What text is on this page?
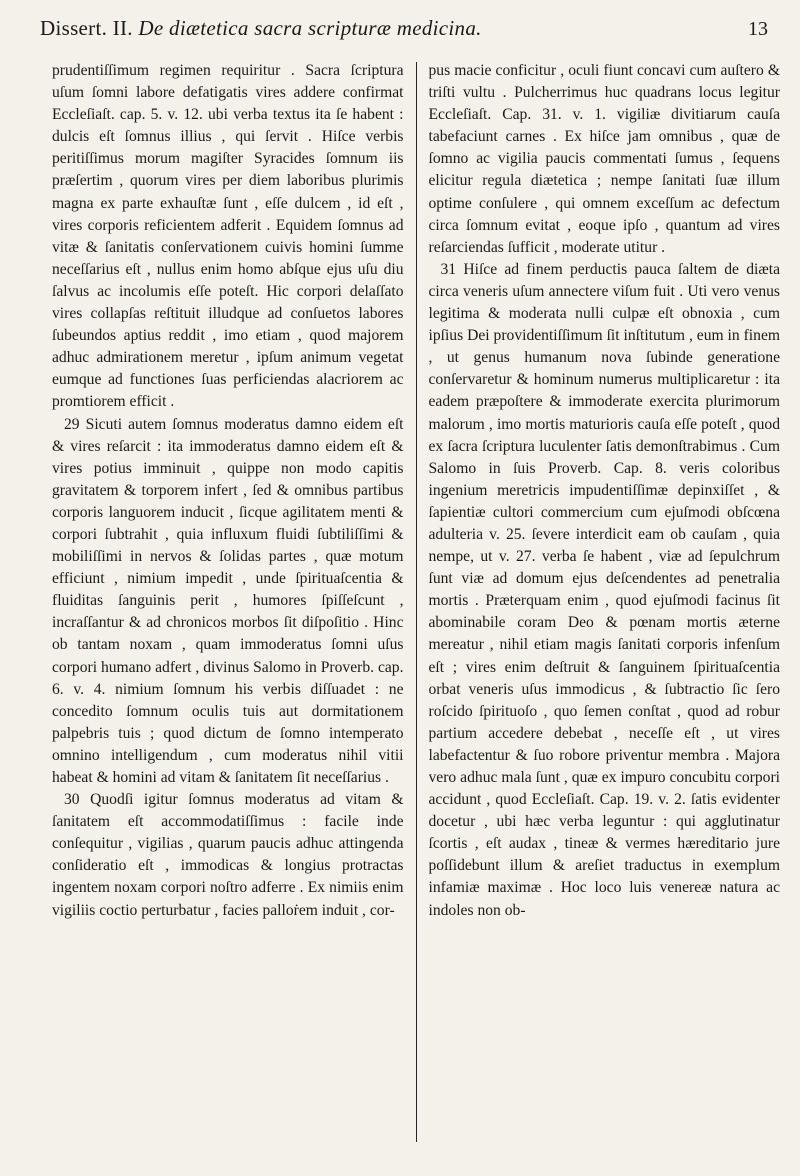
Dissert. II. De diætetica sacra scripturæ medicina.	13

prudentiſſimum regimen requiritur . Sacra ſcriptura uſum ſomni labore defatigatis vires addere confirmat Eccleſiaſt. cap. 5. v. 12. ubi verba textus ita ſe habent : dulcis eſt ſomnus illius , qui ſervit . Hiſce verbis peritiſſimus morum magiſter Syracides ſomnum iis præſertim , quorum vires per diem laboribus plurimis magna ex parte exhauſtæ ſunt , eſſe dulcem , id eſt , vires corporis reficientem adferit . Equidem ſomnus ad vitæ & ſanitatis conſervationem cuivis homini ſumme neceſſarius eſt , nullus enim homo abſque ejus uſu diu ſalvus ac incolumis eſſe poteſt. Hic corpori delaſſato vires collapſas reſtituit illudque ad conſuetos labores ſubeundos aptius reddit , imo etiam , quod majorem adhuc admirationem meretur , ipſum animum vegetat eumque ad functiones ſuas perficiendas alacriorem ac promtiorem efficit .

29 Sicuti autem ſomnus moderatus damno eidem eſt & vires reſarcit : ita immoderatus damno eidem eſt & vires potius imminuit , quippe non modo capitis gravitatem & torporem infert , ſed & omnibus partibus corporis languorem inducit , ſicque agilitatem menti & corpori ſubtrahit , quia influxum fluidi ſubtiliſſimi & mobiliſſimi in nervos & ſolidas partes , quæ motum efficiunt , nimium impedit , unde ſpirituaſcentia & fluiditas ſanguinis perit , humores ſpiſſeſcunt , incraſſantur & ad chronicos morbos ſit diſpoſitio . Hinc ob tantam noxam , quam immoderatus ſomni uſus corpori humano adfert , divinus Salomo in Proverb. cap. 6. v. 4. nimium ſomnum his verbis diſſuadet : ne concedito ſomnum oculis tuis aut dormitationem palpebris tuis ; quod dictum de ſomno intemperato omnino intelligendum , cum moderatus nihil vitii habeat & homini ad vitam & ſanitatem ſit neceſſarius .

30 Quodſi igitur ſomnus moderatus ad vitam & ſanitatem eſt accommodatiſſimus : facile inde conſequitur , vigilias , quarum paucis adhuc attingenda conſideratio eſt , immodicas & longius protractas ingentem noxam corpori noſtro adferre . Ex nimiis enim vigiliis coctio perturbatur , facies palloṙem induit , cor-

pus macie conficitur , oculi fiunt concavi cum auſtero & triſti vultu . Pulcherrimus huc quadrans locus legitur Eccleſiaſt. Cap. 31. v. 1. vigiliæ divitiarum cauſa tabefaciunt carnes . Ex hiſce jam omnibus , quæ de ſomno ac vigilia paucis commentati ſumus , ſequens elicitur regula diætetica ; nempe ſanitati ſuæ illum optime conſulere , qui omnem exceſſum ac defectum circa ſomnum evitat , eoque ipſo , quantum ad vires reſarciendas ſufficit , moderate utitur .

31 Hiſce ad finem perductis pauca ſaltem de diæta circa veneris uſum annectere viſum fuit . Uti vero venus legitima & moderata nulli culpæ eſt obnoxia , cum ipſius Dei providentiſſimum ſit inſtitutum , eum in finem , ut genus humanum nova ſubinde generatione conſervaretur & hominum numerus multiplicaretur : ita eadem præpoſtere & immoderate exercita plurimorum malorum , imo mortis maturioris cauſa eſſe poteſt , quod ex ſacra ſcriptura luculenter ſatis demonſtrabimus . Cum Salomo in ſuis Proverb. Cap. 8. veris coloribus ingenium meretricis impudentiſſimæ depinxiſſet , & ſapientiæ cultori commercium cum ejuſmodi obſcœna adulteria v. 25. ſevere interdicit eam ob cauſam , quia nempe, ut v. 27. verba ſe habent , viæ ad ſepulchrum ſunt viæ ad domum ejus deſcendentes ad penetralia mortis . Præterquam enim , quod ejuſmodi facinus ſit abominabile coram Deo & pœnam mortis æterne mereatur , nihil etiam magis ſanitati corporis infenſum eſt ; vires enim deſtruit & ſanguinem ſpirituaſcentia orbat veneris uſus immodicus , & ſubtractio ſic ſero roſcido ſpirituoſo , quo ſemen conſtat , quod ad robur partium accedere debebat , neceſſe eſt , ut vires labefactentur & ſuo robore priventur membra . Majora vero adhuc mala ſunt , quæ ex impuro concubitu corpori accidunt , quod Eccleſiaſt. Cap. 19. v. 2. ſatis evidenter docetur , ubi hæc verba leguntur : qui agglutinatur ſcortis , eſt audax , tineæ & vermes hæreditario jure poſſidebunt illum & areſiet traductus in exemplum infamiæ maximæ . Hoc loco luis venereæ natura ac indoles non ob-
